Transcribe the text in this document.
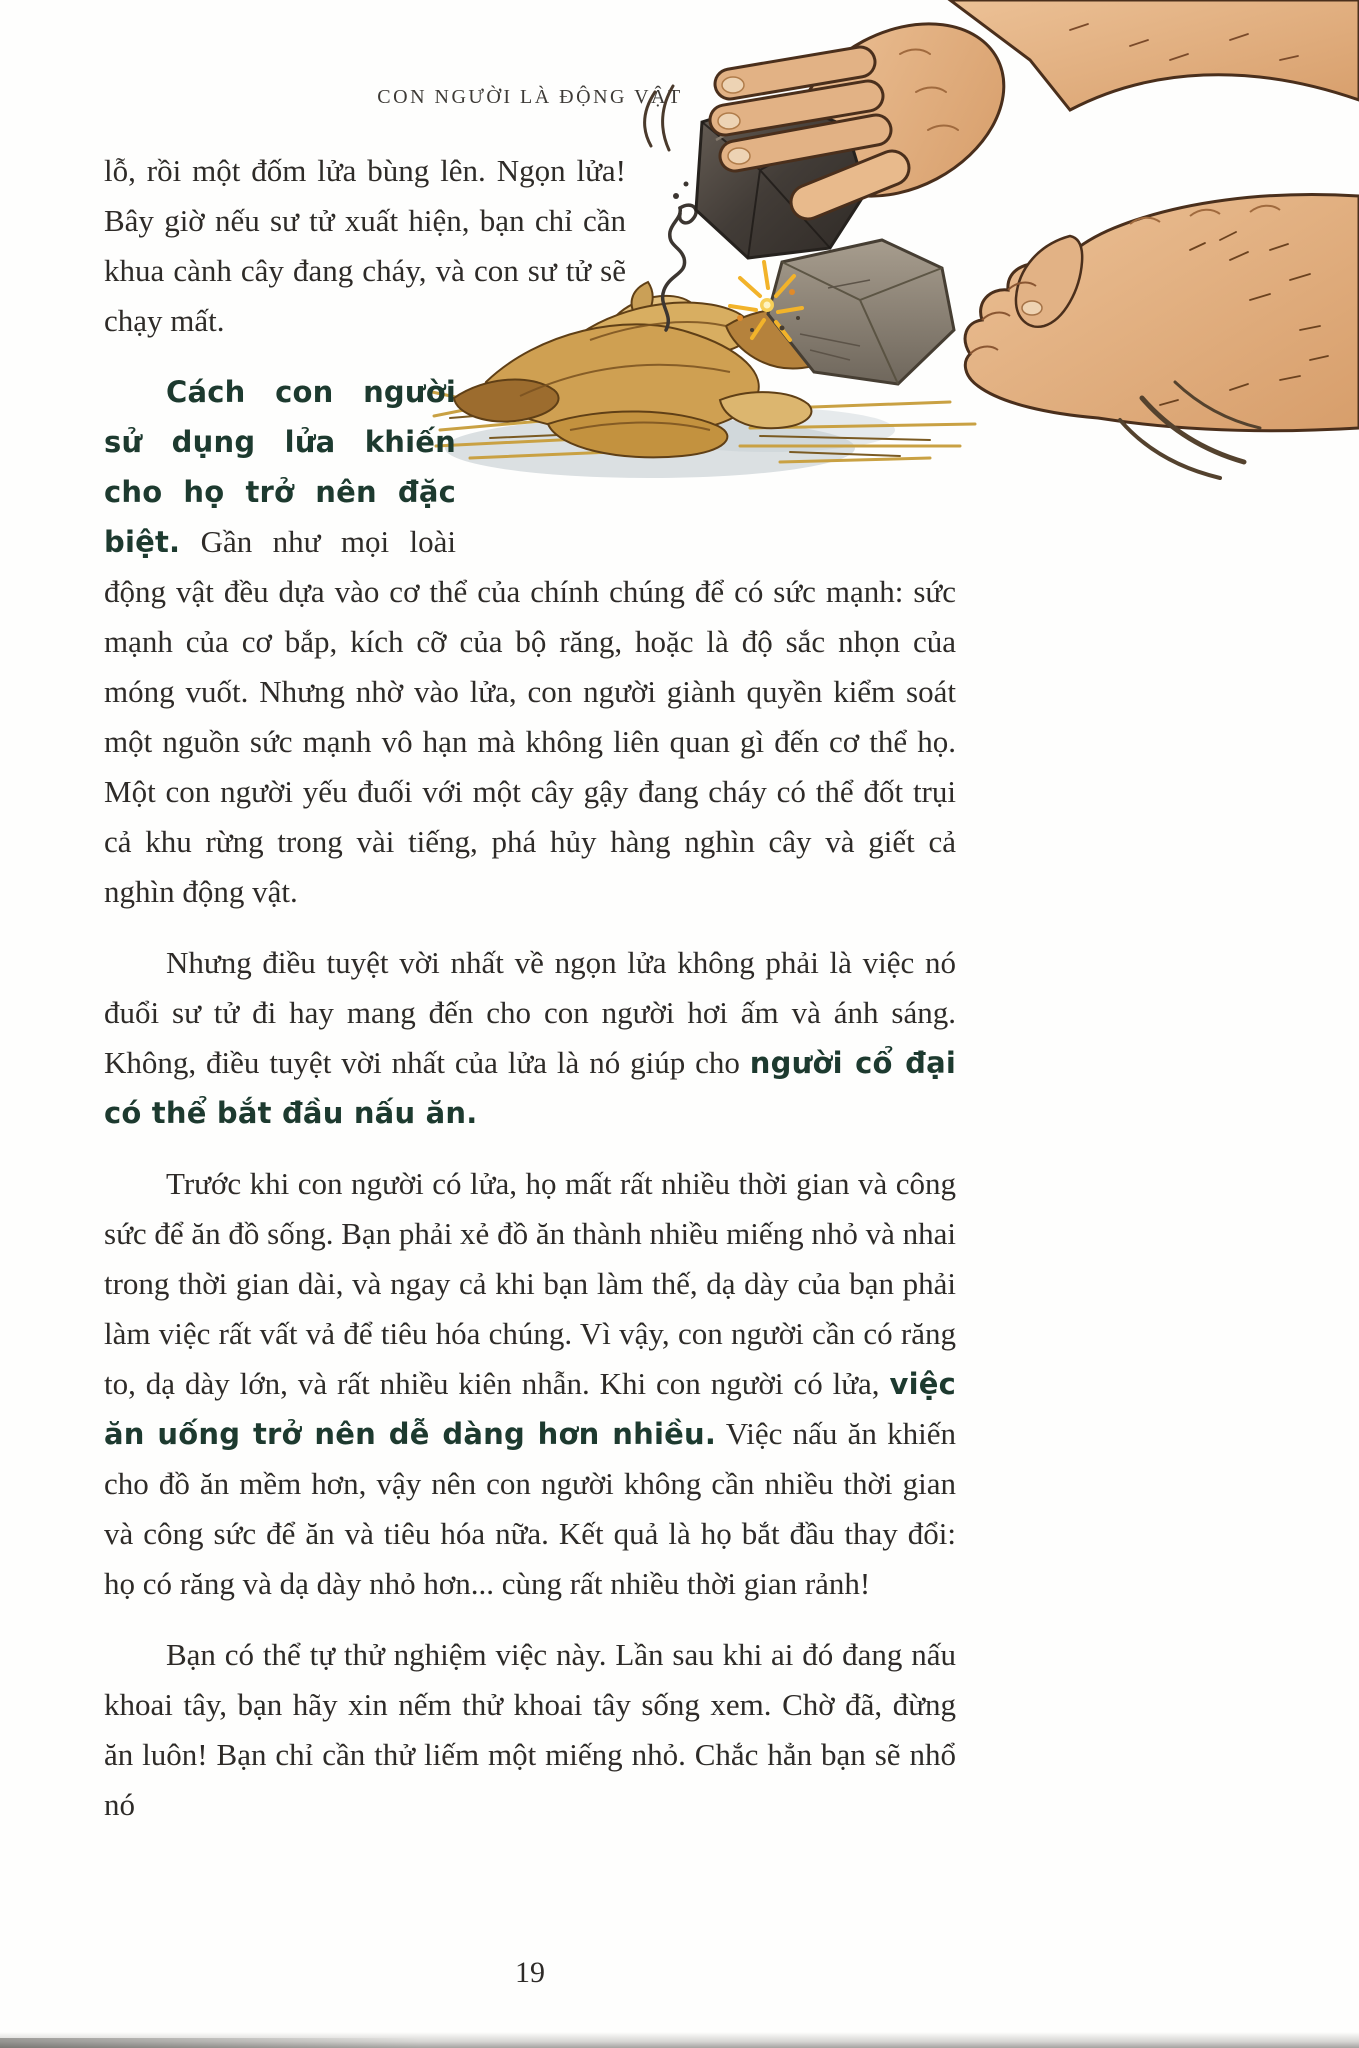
CON NGƯỜI LÀ ĐỘNG VẬT

lỗ, rồi một đốm lửa bùng lên. Ngọn lửa! Bây giờ nếu sư tử xuất hiện, bạn chỉ cần khua cành cây đang cháy, và con sư tử sẽ chạy mất.

Cách con người sử dụng lửa khiến cho họ trở nên đặc biệt. Gần như mọi loài động vật đều dựa vào cơ thể của chính chúng để có sức mạnh: sức mạnh của cơ bắp, kích cỡ của bộ răng, hoặc là độ sắc nhọn của móng vuốt. Nhưng nhờ vào lửa, con người giành quyền kiểm soát một nguồn sức mạnh vô hạn mà không liên quan gì đến cơ thể họ. Một con người yếu đuối với một cây gậy đang cháy có thể đốt trụi cả khu rừng trong vài tiếng, phá hủy hàng nghìn cây và giết cả nghìn động vật.

Nhưng điều tuyệt vời nhất về ngọn lửa không phải là việc nó đuổi sư tử đi hay mang đến cho con người hơi ấm và ánh sáng. Không, điều tuyệt vời nhất của lửa là nó giúp cho người cổ đại có thể bắt đầu nấu ăn.

Trước khi con người có lửa, họ mất rất nhiều thời gian và công sức để ăn đồ sống. Bạn phải xẻ đồ ăn thành nhiều miếng nhỏ và nhai trong thời gian dài, và ngay cả khi bạn làm thế, dạ dày của bạn phải làm việc rất vất vả để tiêu hóa chúng. Vì vậy, con người cần có răng to, dạ dày lớn, và rất nhiều kiên nhẫn. Khi con người có lửa, việc ăn uống trở nên dễ dàng hơn nhiều. Việc nấu ăn khiến cho đồ ăn mềm hơn, vậy nên con người không cần nhiều thời gian và công sức để ăn và tiêu hóa nữa. Kết quả là họ bắt đầu thay đổi: họ có răng và dạ dày nhỏ hơn... cùng rất nhiều thời gian rảnh!

Bạn có thể tự thử nghiệm việc này. Lần sau khi ai đó đang nấu khoai tây, bạn hãy xin nếm thử khoai tây sống xem. Chờ đã, đừng ăn luôn! Bạn chỉ cần thử liếm một miếng nhỏ. Chắc hẳn bạn sẽ nhổ nó

19
